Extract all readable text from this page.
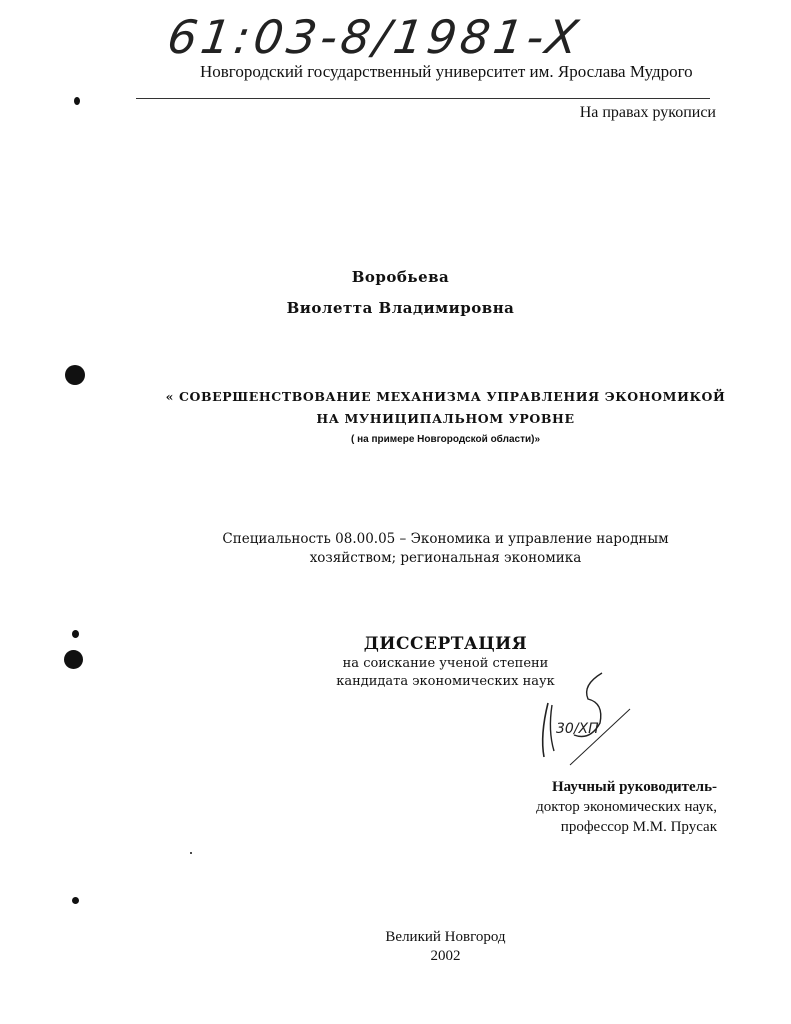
61:03-8/1981-X
Новгородский государственный университет им. Ярослава Мудрого
На правах рукописи
Воробьева
Виолетта Владимировна
« СОВЕРШЕНСТВОВАНИЕ МЕХАНИЗМА УПРАВЛЕНИЯ ЭКОНОМИКОЙ
НА МУНИЦИПАЛЬНОМ УРОВНЕ
( на примере Новгородской области)»
Специальность 08.00.05 – Экономика и управление народным
хозяйством; региональная экономика
ДИССЕРТАЦИЯ
на соискание ученой степени
кандидата экономических наук
30/ХП
Научный руководитель-
доктор экономических наук,
профессор М.М. Прусак
Великий Новгород
2002
